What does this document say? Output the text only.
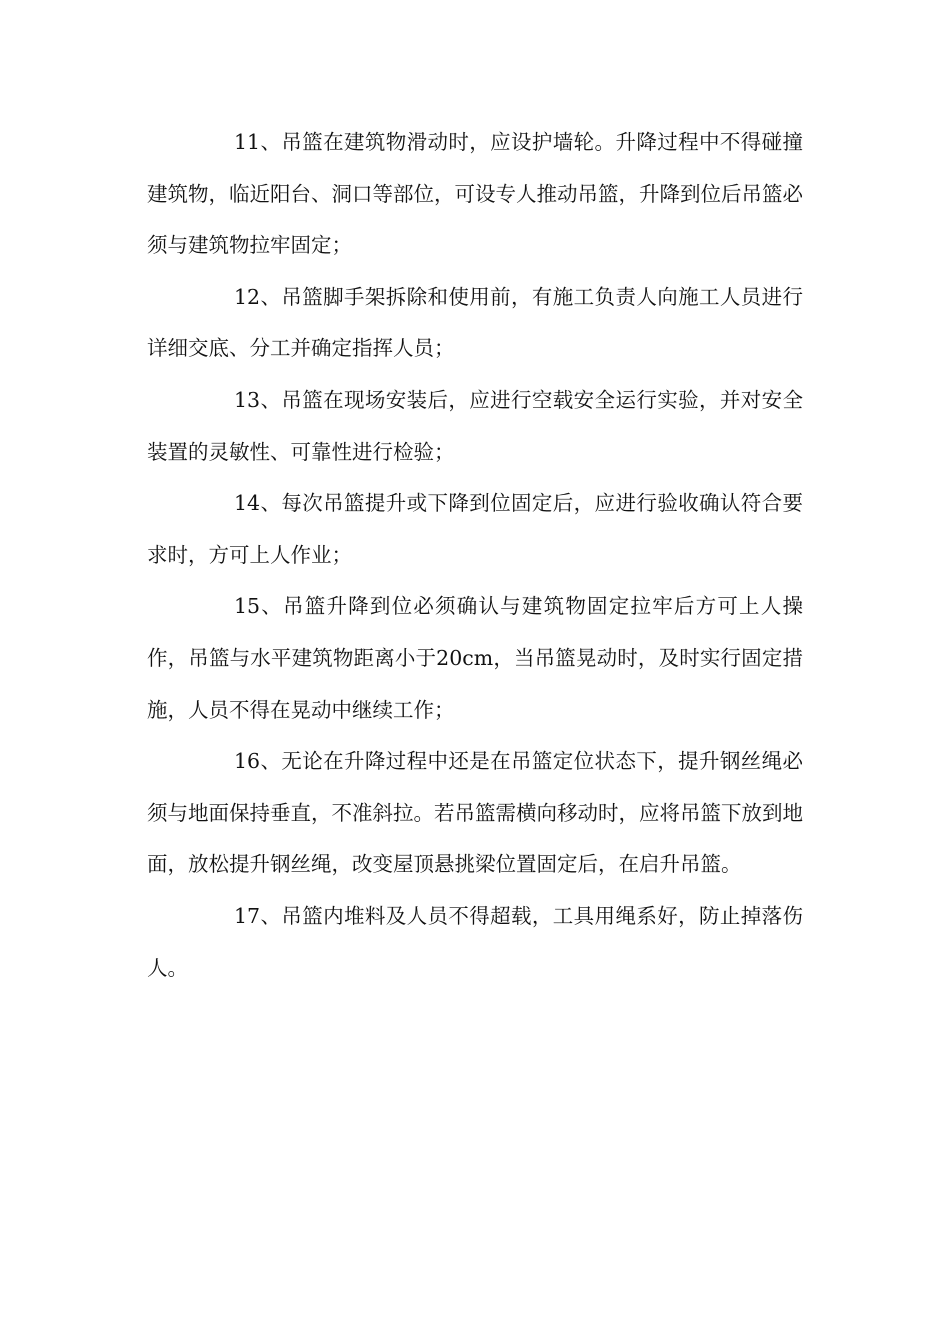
11、吊篮在建筑物滑动时，应设护墙轮。升降过程中不得碰撞建筑物，临近阳台、洞口等部位，可设专人推动吊篮，升降到位后吊篮必须与建筑物拉牢固定；

12、吊篮脚手架拆除和使用前，有施工负责人向施工人员进行详细交底、分工并确定指挥人员；

13、吊篮在现场安装后，应进行空载安全运行实验，并对安全装置的灵敏性、可靠性进行检验；

14、每次吊篮提升或下降到位固定后，应进行验收确认符合要求时，方可上人作业；

15、吊篮升降到位必须确认与建筑物固定拉牢后方可上人操作，吊篮与水平建筑物距离小于20cm，当吊篮晃动时，及时实行固定措施，人员不得在晃动中继续工作；

16、无论在升降过程中还是在吊篮定位状态下，提升钢丝绳必须与地面保持垂直，不准斜拉。若吊篮需横向移动时，应将吊篮下放到地面，放松提升钢丝绳，改变屋顶悬挑梁位置固定后，在启升吊篮。

17、吊篮内堆料及人员不得超载，工具用绳系好，防止掉落伤人。
